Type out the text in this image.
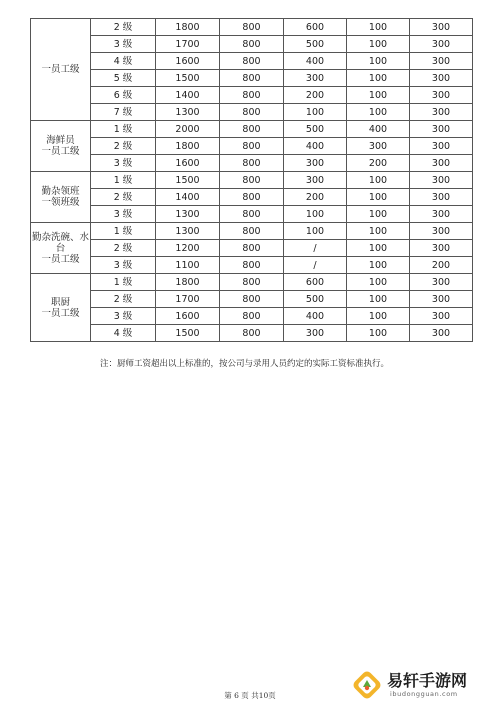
一员工级	2 级	1800	800	600	100	300
	3 级	1700	800	500	100	300
	4 级	1600	800	400	100	300
	5 级	1500	800	300	100	300
	6 级	1400	800	200	100	300
	7 级	1300	800	100	100	300

海鲜员
一员工级	1 级	2000	800	500	400	300
	2 级	1800	800	400	300	300
	3 级	1600	800	300	200	300

勤杂领班
一领班级	1 级	1500	800	300	100	300
	2 级	1400	800	200	100	300
	3 级	1300	800	100	100	300

勤杂洗碗、水
台
一员工级	1 级	1300	800	100	100	300
	2 级	1200	800	/	100	300
	3 级	1100	800	/	100	200

职厨
一员工级	1 级	1800	800	600	100	300
	2 级	1700	800	500	100	300
	3 级	1600	800	400	100	300
	4 级	1500	800	300	100	300
注：厨师工资超出以上标准的，按公司与录用人员约定的实际工资标准执行。
第 6 页 共10页
易轩手游网
ibudongguan.com
